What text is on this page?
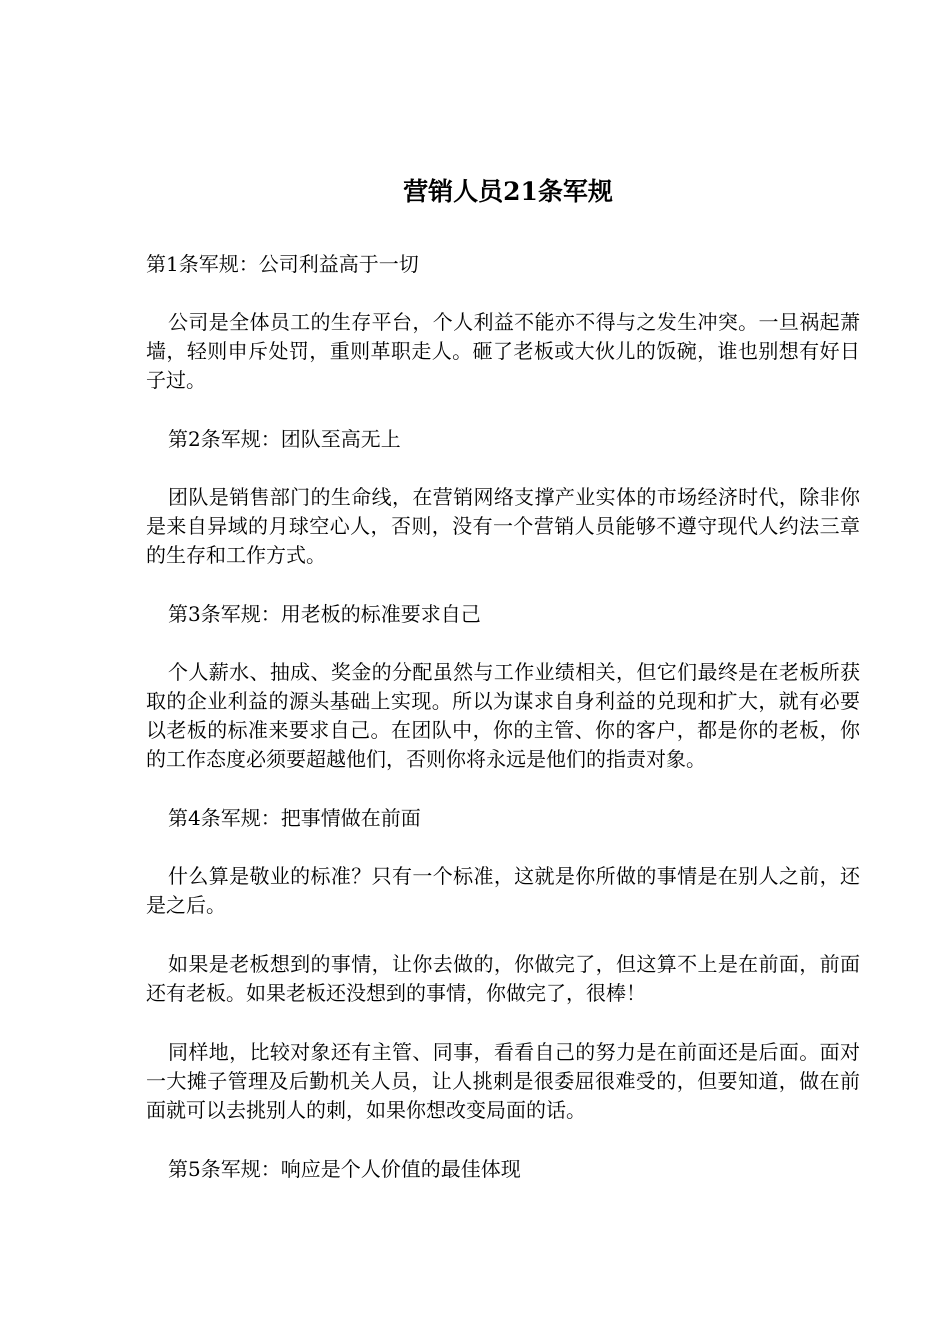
营销人员21条军规

第1条军规：公司利益高于一切

公司是全体员工的生存平台，个人利益不能亦不得与之发生冲突。一旦祸起萧墙，轻则申斥处罚，重则革职走人。砸了老板或大伙儿的饭碗，谁也别想有好日子过。

第2条军规：团队至高无上

团队是销售部门的生命线，在营销网络支撑产业实体的市场经济时代，除非你是来自异域的月球空心人，否则，没有一个营销人员能够不遵守现代人约法三章的生存和工作方式。

第3条军规：用老板的标准要求自己

个人薪水、抽成、奖金的分配虽然与工作业绩相关，但它们最终是在老板所获取的企业利益的源头基础上实现。所以为谋求自身利益的兑现和扩大，就有必要以老板的标准来要求自己。在团队中，你的主管、你的客户，都是你的老板，你的工作态度必须要超越他们，否则你将永远是他们的指责对象。

第4条军规：把事情做在前面

什么算是敬业的标准？只有一个标准，这就是你所做的事情是在别人之前，还是之后。

如果是老板想到的事情，让你去做的，你做完了，但这算不上是在前面，前面还有老板。如果老板还没想到的事情，你做完了，很棒！

同样地，比较对象还有主管、同事，看看自己的努力是在前面还是后面。面对一大摊子管理及后勤机关人员，让人挑刺是很委屈很难受的，但要知道，做在前面就可以去挑别人的刺，如果你想改变局面的话。

第5条军规：响应是个人价值的最佳体现
